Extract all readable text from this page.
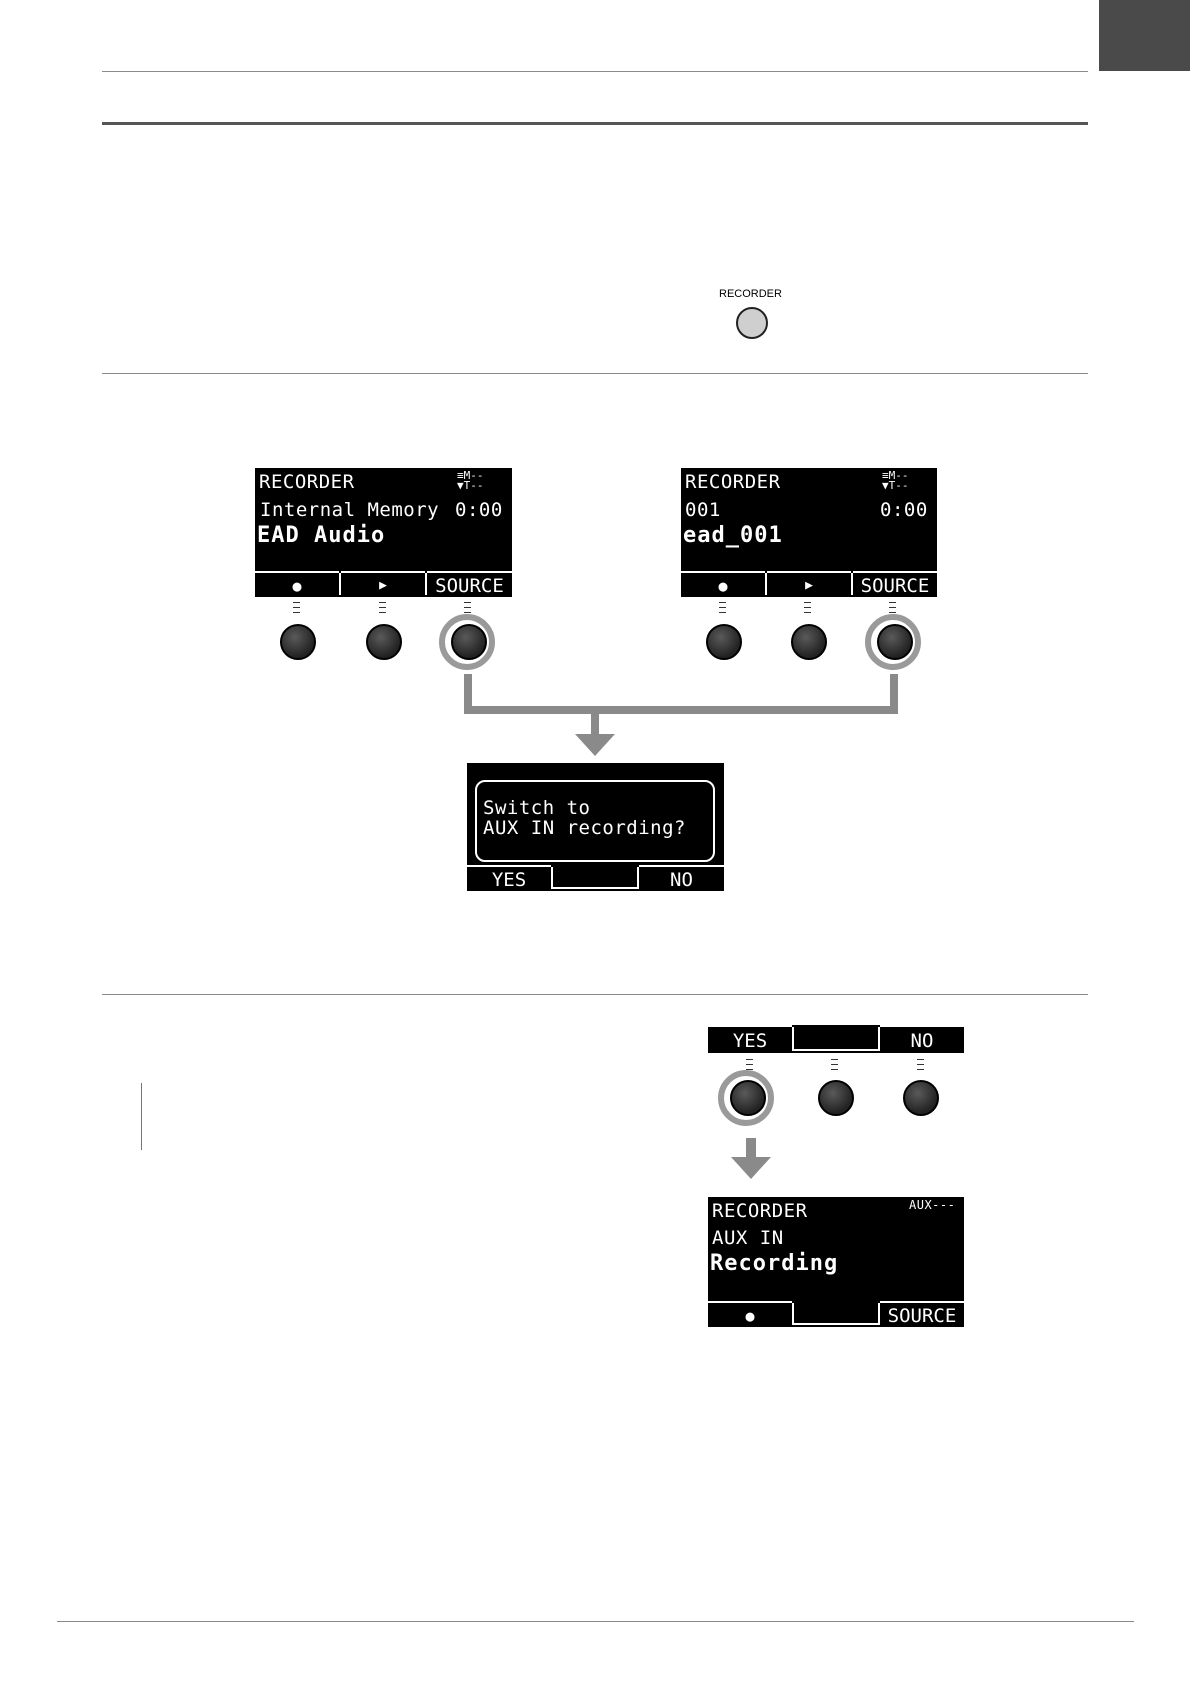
RECORDER
RECORDER	≡M--
▼T--
Internal Memory 0:00
EAD Audio
●	▶	SOURCE
RECORDER	≡M--
▼T--
001	0:00
ead_001
●	▶	SOURCE
Switch to
AUX IN recording?
YES	NO
YES	NO
RECORDER	AUX---
AUX IN
Recording
●	SOURCE
